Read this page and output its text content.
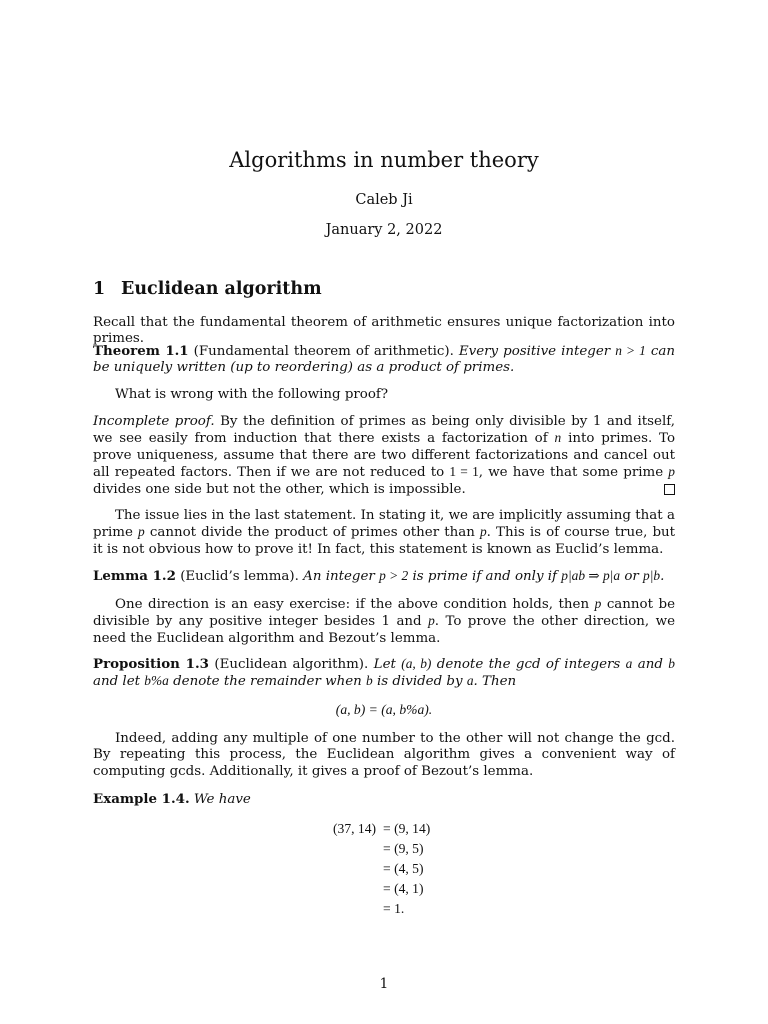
Algorithms in number theory
Caleb Ji
January 2, 2022
1 Euclidean algorithm
Recall that the fundamental theorem of arithmetic ensures unique factorization into primes.
Theorem 1.1 (Fundamental theorem of arithmetic). Every positive integer n > 1 can be uniquely written (up to reordering) as a product of primes.
What is wrong with the following proof?
Incomplete proof. By the definition of primes as being only divisible by 1 and itself, we see easily from induction that there exists a factorization of n into primes. To prove uniqueness, assume that there are two different factorizations and cancel out all repeated factors. Then if we are not reduced to 1 = 1, we have that some prime p divides one side but not the other, which is impossible.
The issue lies in the last statement. In stating it, we are implicitly assuming that a prime p cannot divide the product of primes other than p. This is of course true, but it is not obvious how to prove it! In fact, this statement is known as Euclid’s lemma.
Lemma 1.2 (Euclid’s lemma). An integer p > 2 is prime if and only if p|ab ⇒ p|a or p|b.
One direction is an easy exercise: if the above condition holds, then p cannot be divisible by any positive integer besides 1 and p. To prove the other direction, we need the Euclidean algorithm and Bezout’s lemma.
Proposition 1.3 (Euclidean algorithm). Let (a, b) denote the gcd of integers a and b and let b%a denote the remainder when b is divided by a. Then
(a, b) = (a, b%a).
Indeed, adding any multiple of one number to the other will not change the gcd. By repeating this process, the Euclidean algorithm gives a convenient way of computing gcds. Additionally, it gives a proof of Bezout’s lemma.
Example 1.4. We have
(37, 14) = (9, 14)
= (9, 5)
= (4, 5)
= (4, 1)
= 1.
1
